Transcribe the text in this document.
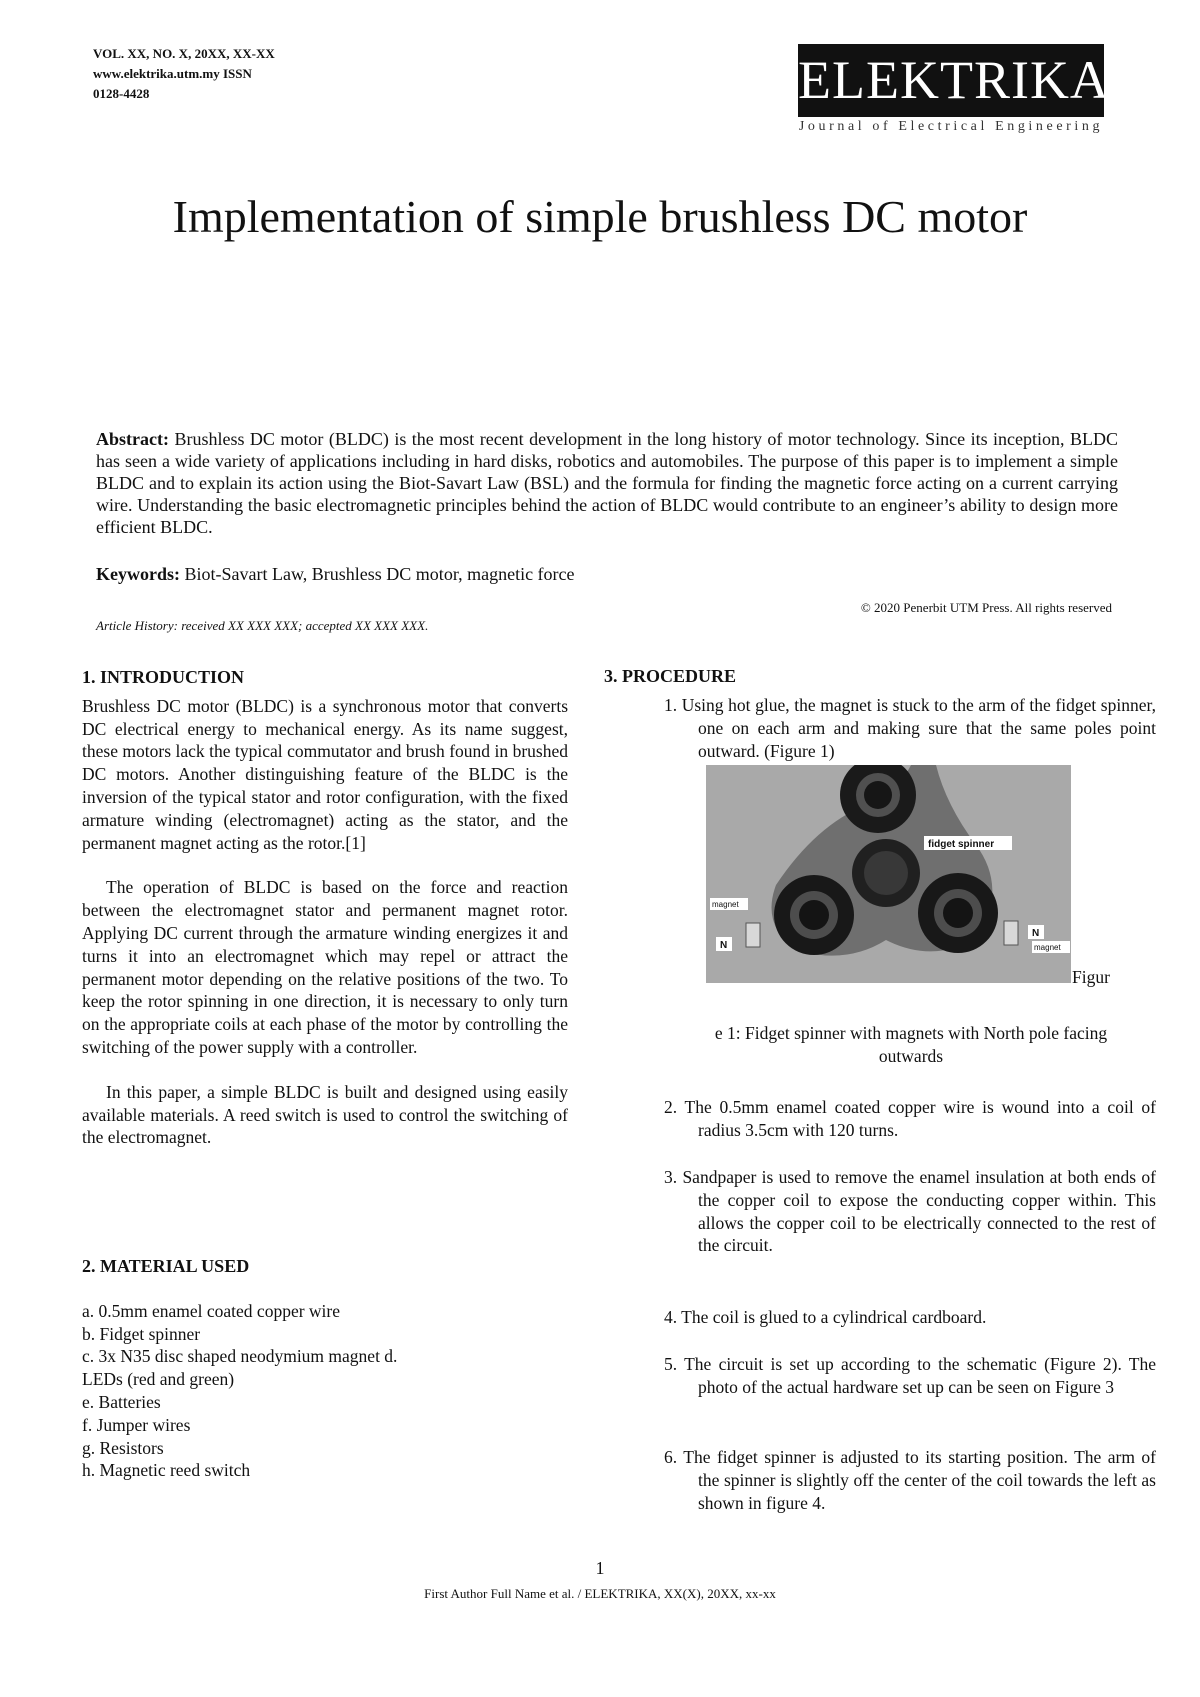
VOL. XX, NO. X, 20XX, XX-XX
www.elektrika.utm.my ISSN
0128-4428	ELEKTRIKA
Journal of Electrical Engineering
Implementation of simple brushless DC motor
Abstract: Brushless DC motor (BLDC) is the most recent development in the long history of motor technology. Since its inception, BLDC has seen a wide variety of applications including in hard disks, robotics and automobiles. The purpose of this paper is to implement a simple BLDC and to explain its action using the Biot-Savart Law (BSL) and the formula for finding the magnetic force acting on a current carrying wire. Understanding the basic electromagnetic principles behind the action of BLDC would contribute to an engineer’s ability to design more efficient BLDC.
Keywords: Biot-Savart Law, Brushless DC motor, magnetic force
© 2020 Penerbit UTM Press. All rights reserved
Article History: received XX XXX XXX; accepted XX XXX XXX.
1. INTRODUCTION
Brushless DC motor (BLDC) is a synchronous motor that converts DC electrical energy to mechanical energy. As its name suggest, these motors lack the typical commutator and brush found in brushed DC motors. Another distinguishing feature of the BLDC is the inversion of the typical stator and rotor configuration, with the fixed armature winding (electromagnet) acting as the stator, and the permanent magnet acting as the rotor.[1]
The operation of BLDC is based on the force and reaction between the electromagnet stator and permanent magnet rotor. Applying DC current through the armature winding energizes it and turns it into an electromagnet which may repel or attract the permanent motor depending on the relative positions of the two. To keep the rotor spinning in one direction, it is necessary to only turn on the appropriate coils at each phase of the motor by controlling the switching of the power supply with a controller.
In this paper, a simple BLDC is built and designed using easily available materials. A reed switch is used to control the switching of the electromagnet.
2. MATERIAL USED
a. 0.5mm enamel coated copper wire
b. Fidget spinner
c. 3x N35 disc shaped neodymium magnet d.
LEDs (red and green)
e. Batteries
f. Jumper wires
g. Resistors
h. Magnetic reed switch
3. PROCEDURE
1. Using hot glue, the magnet is stuck to the arm of the fidget spinner, one on each arm and making sure that the same poles point outward. (Figure 1)
fidget spinner
magnet
N	magnet
N
Figur
e 1: Fidget spinner with magnets with North pole facing outwards
2. The 0.5mm enamel coated copper wire is wound into a coil of radius 3.5cm with 120 turns.
3. Sandpaper is used to remove the enamel insulation at both ends of the copper coil to expose the conducting copper within. This allows the copper coil to be electrically connected to the rest of the circuit.
4. The coil is glued to a cylindrical cardboard.
5. The circuit is set up according to the schematic (Figure 2). The photo of the actual hardware set up can be seen on Figure 3
6. The fidget spinner is adjusted to its starting position. The arm of the spinner is slightly off the center of the coil towards the left as shown in figure 4.
1
First Author Full Name et al. / ELEKTRIKA, XX(X), 20XX, xx-xx
